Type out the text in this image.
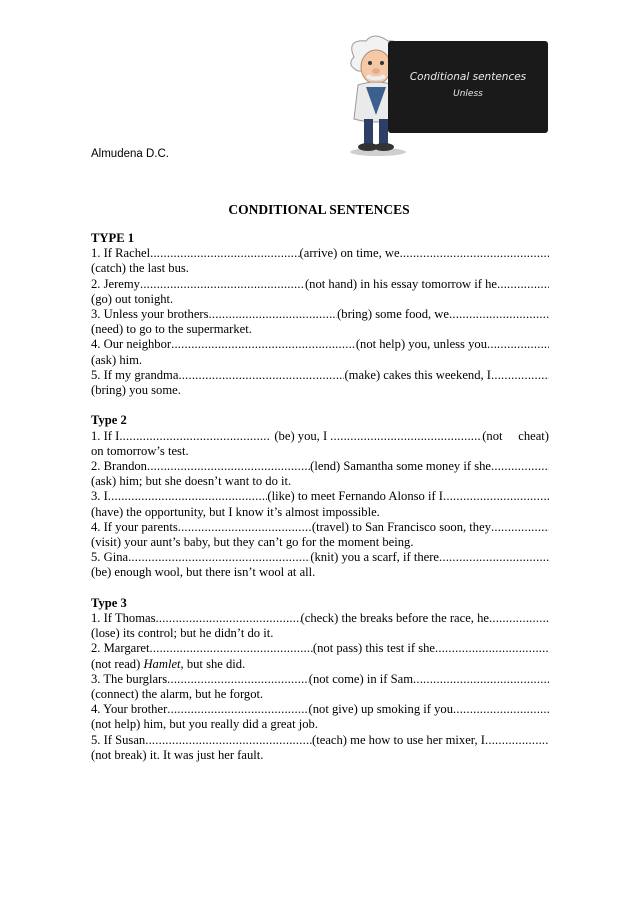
Conditional sentences
Unless
Almudena D.C.
CONDITIONAL SENTENCES
TYPE 1
1. If Rachel .....	(arrive) on time, we
.....
(catch) the last bus.
2. Jeremy .....	(not hand) in his essay tomorrow if he
.....
(go) out tonight.
3. Unless your brothers .....	(bring) some food, we
.....
(need) to go to the supermarket.
4. Our neighbor .....	(not help) you, unless you
.....
(ask) him.
5. If my grandma .....	(make) cakes this weekend, I
.....
(bring) you some.
Type 2
1. If I .....	(be) you, I .....	(not     cheat)
on tomorrow’s test.
2. Brandon .....	(lend) Samantha some money if she
.....
(ask) him; but she doesn’t want to do it.
3. I .....	(like) to meet Fernando Alonso if I
.....
(have) the opportunity, but I know it’s almost impossible.
4. If your parents .....	(travel) to San Francisco soon, they
.....
(visit) your aunt’s baby, but they can’t go for the moment being.
5. Gina .....	(knit) you a scarf, if there
.....
(be) enough wool, but there isn’t wool at all.
Type 3
1. If Thomas .....	(check) the breaks before the race, he
.....
(lose) its control; but he didn’t do it.
2. Margaret .....	(not pass) this test if she
.....
(not read) Hamlet, but she did.
3. The burglars .....	(not come) in if Sam
.....
(connect) the alarm, but he forgot.
4. Your brother .....	(not give) up smoking if you
.....
(not help) him, but you really did a great job.
5. If Susan .....	(teach) me how to use her mixer, I
.....
(not break) it. It was just her fault.
